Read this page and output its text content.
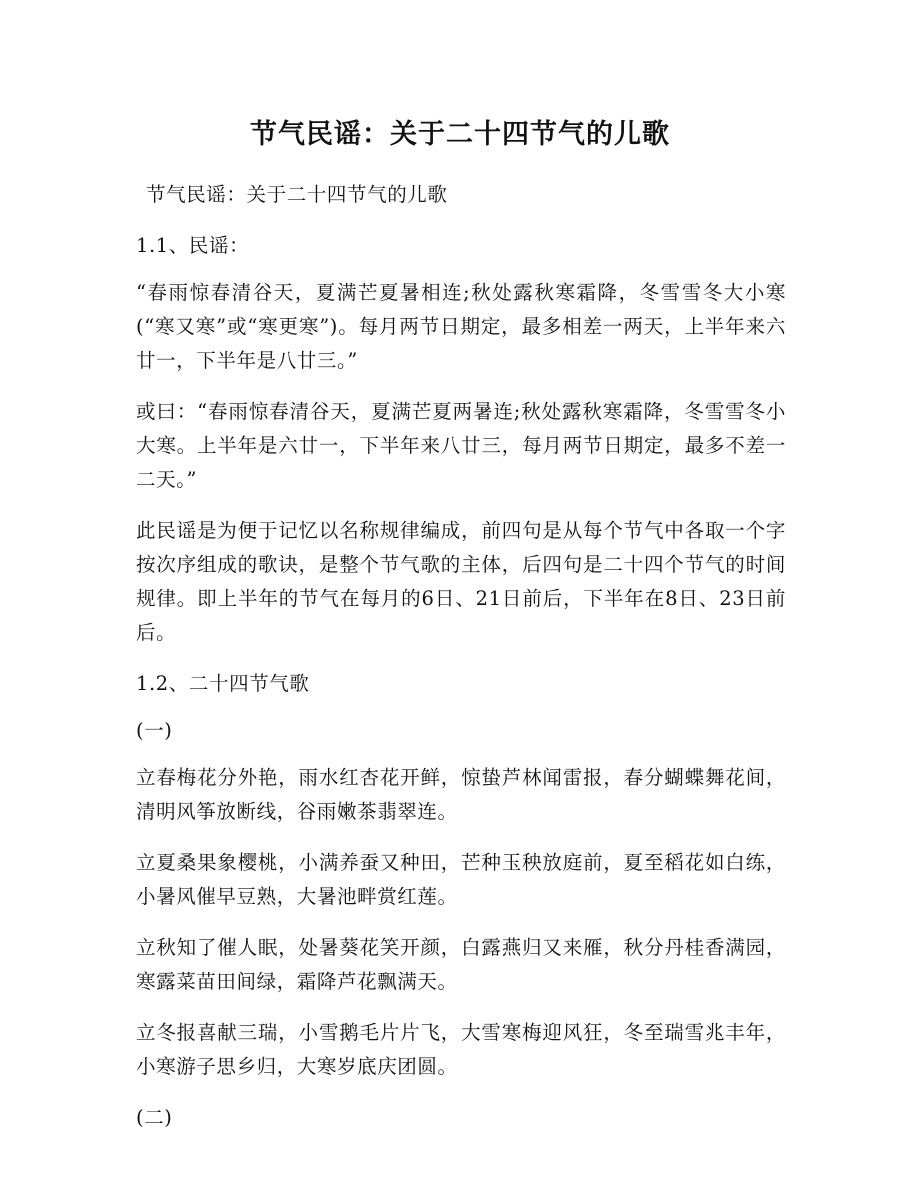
节气民谣：关于二十四节气的儿歌

节气民谣：关于二十四节气的儿歌

1.1、民谣：

“春雨惊春清谷天，夏满芒夏暑相连;秋处露秋寒霜降，冬雪雪冬大小寒(“寒又寒”或“寒更寒”)。每月两节日期定，最多相差一两天，上半年来六廿一，下半年是八廿三。”

或曰：“春雨惊春清谷天，夏满芒夏两暑连;秋处露秋寒霜降，冬雪雪冬小大寒。上半年是六廿一，下半年来八廿三，每月两节日期定，最多不差一二天。”

此民谣是为便于记忆以名称规律编成，前四句是从每个节气中各取一个字按次序组成的歌诀，是整个节气歌的主体，后四句是二十四个节气的时间规律。即上半年的节气在每月的6日、21日前后，下半年在8日、23日前后。

1.2、二十四节气歌

(一)

立春梅花分外艳，雨水红杏花开鲜，惊蛰芦林闻雷报，春分蝴蝶舞花间，清明风筝放断线，谷雨嫩茶翡翠连。

立夏桑果象樱桃，小满养蚕又种田，芒种玉秧放庭前，夏至稻花如白练，小暑风催早豆熟，大暑池畔赏红莲。

立秋知了催人眠，处暑葵花笑开颜，白露燕归又来雁，秋分丹桂香满园，寒露菜苗田间绿，霜降芦花飘满天。

立冬报喜献三瑞，小雪鹅毛片片飞，大雪寒梅迎风狂，冬至瑞雪兆丰年，小寒游子思乡归，大寒岁底庆团圆。

(二)
